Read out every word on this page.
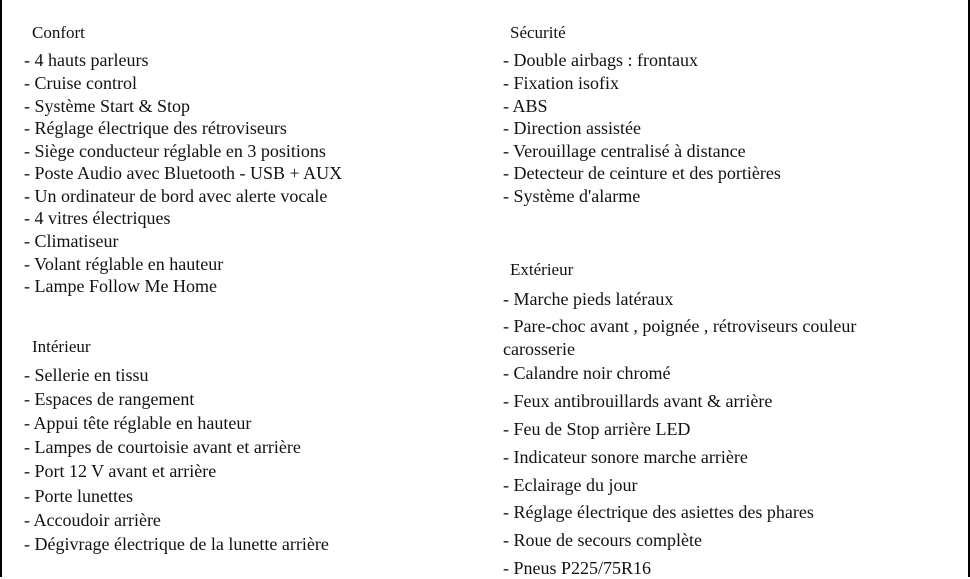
Confort
- 4 hauts parleurs
- Cruise control
- Système Start & Stop
- Réglage électrique des rétroviseurs
- Siège conducteur réglable en 3 positions
- Poste Audio avec Bluetooth - USB + AUX
- Un ordinateur de bord avec alerte vocale
- 4 vitres électriques
- Climatiseur
- Volant réglable en hauteur
- Lampe Follow Me Home
Intérieur
- Sellerie en tissu
- Espaces de rangement
- Appui tête réglable en hauteur
- Lampes de courtoisie avant et arrière
- Port 12 V avant et arrière
- Porte lunettes
- Accoudoir arrière
- Dégivrage électrique de la lunette arrière
Sécurité
- Double airbags : frontaux
- Fixation isofix
- ABS
- Direction assistée
- Verouillage centralisé à distance
- Detecteur de ceinture et des portières
- Système d'alarme
Extérieur
- Marche pieds latéraux
- Pare-choc avant , poignée , rétroviseurs couleur carosserie
- Calandre noir chromé
- Feux antibrouillards avant & arrière
- Feu de Stop arrière LED
- Indicateur sonore marche arrière
- Eclairage du jour
- Réglage électrique des asiettes des phares
- Roue de secours complète
- Pneus P225/75R16
